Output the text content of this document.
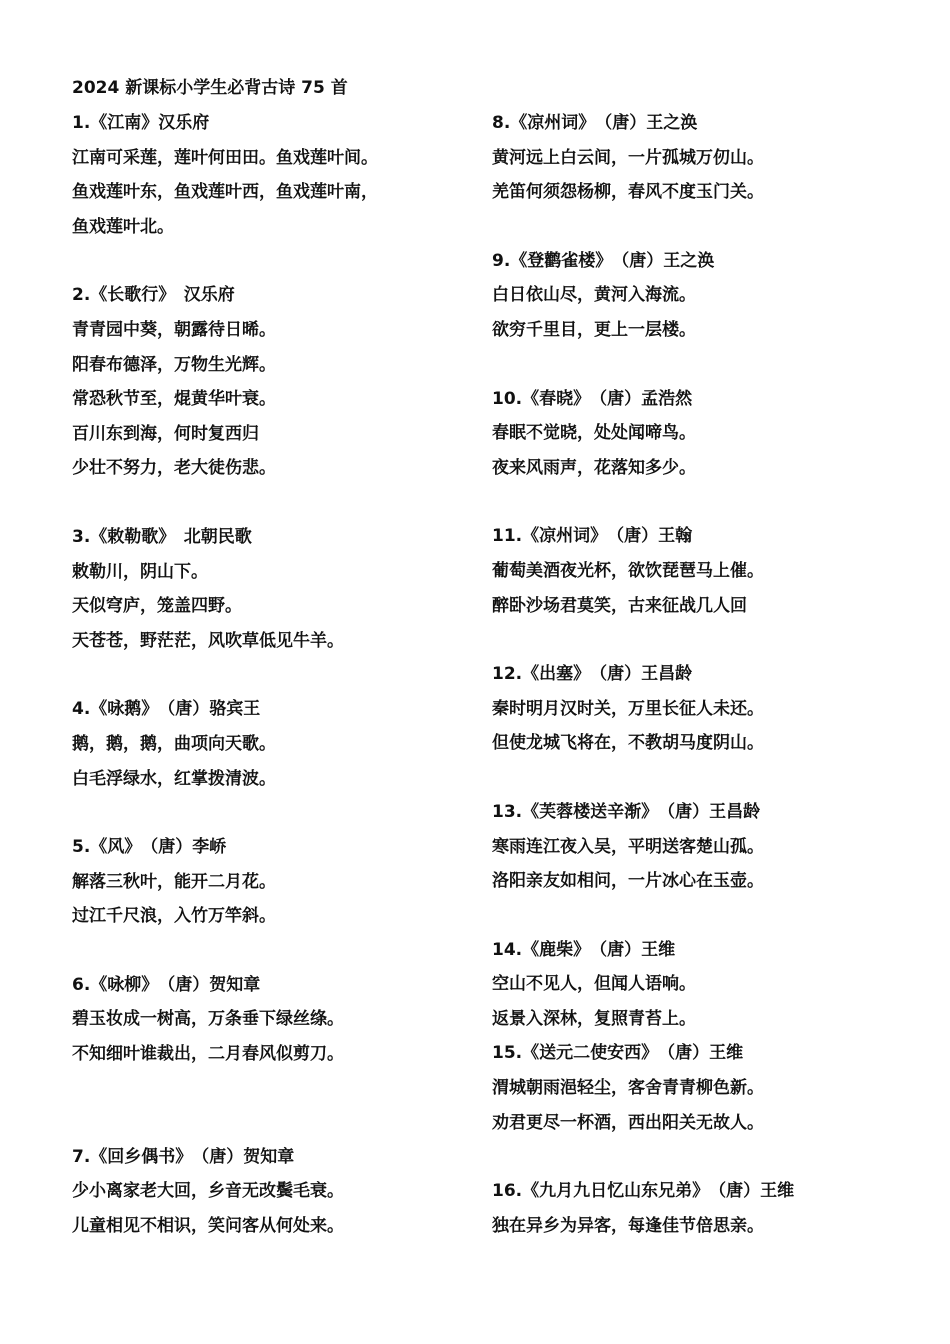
2024 新课标小学生必背古诗 75 首
1.《江南》汉乐府
江南可采莲，莲叶何田田。鱼戏莲叶间。
鱼戏莲叶东，鱼戏莲叶西，鱼戏莲叶南，
鱼戏莲叶北。
2.《长歌行》　汉乐府
青青园中葵，朝露待日晞。
阳春布德泽，万物生光辉。
常恐秋节至，焜黄华叶衰。
百川东到海，何时复西归
少壮不努力，老大徒伤悲。
3.《敕勒歌》　北朝民歌
敕勒川，阴山下。
天似穹庐，笼盖四野。
天苍苍，野茫茫，风吹草低见牛羊。
4.《咏鹅》　（唐）骆宾王
鹅，鹅，鹅，曲项向天歌。
白毛浮绿水，红掌拨清波。
5.《风》　（唐）李峤
解落三秋叶，能开二月花。
过江千尺浪，入竹万竿斜。
6.《咏柳》　（唐）贺知章
碧玉妆成一树高，万条垂下绿丝绦。
不知细叶谁裁出，二月春风似剪刀。
7.《回乡偶书》　（唐）贺知章
少小离家老大回，乡音无改鬓毛衰。
儿童相见不相识，笑问客从何处来。
8.《凉州词》　（唐）王之涣
黄河远上白云间，一片孤城万仞山。
羌笛何须怨杨柳，春风不度玉门关。
9.《登鹳雀楼》　（唐）王之涣
白日依山尽，黄河入海流。
欲穷千里目，更上一层楼。
10.《春晓》　（唐）孟浩然
春眠不觉晓，处处闻啼鸟。
夜来风雨声，花落知多少。
11.《凉州词》　（唐）王翰
葡萄美酒夜光杯，欲饮琵琶马上催。
醉卧沙场君莫笑，古来征战几人回
12.《出塞》　（唐）王昌龄
秦时明月汉时关，万里长征人未还。
但使龙城飞将在，不教胡马度阴山。
13.《芙蓉楼送辛渐》　（唐）王昌龄
寒雨连江夜入吴，平明送客楚山孤。
洛阳亲友如相问，一片冰心在玉壶。
14.《鹿柴》　（唐）王维
空山不见人，但闻人语响。
返景入深林，复照青苔上。
15.《送元二使安西》　（唐）王维
渭城朝雨浥轻尘，客舍青青柳色新。
劝君更尽一杯酒，西出阳关无故人。
16.《九月九日忆山东兄弟》　（唐）王维
独在异乡为异客，每逢佳节倍思亲。
